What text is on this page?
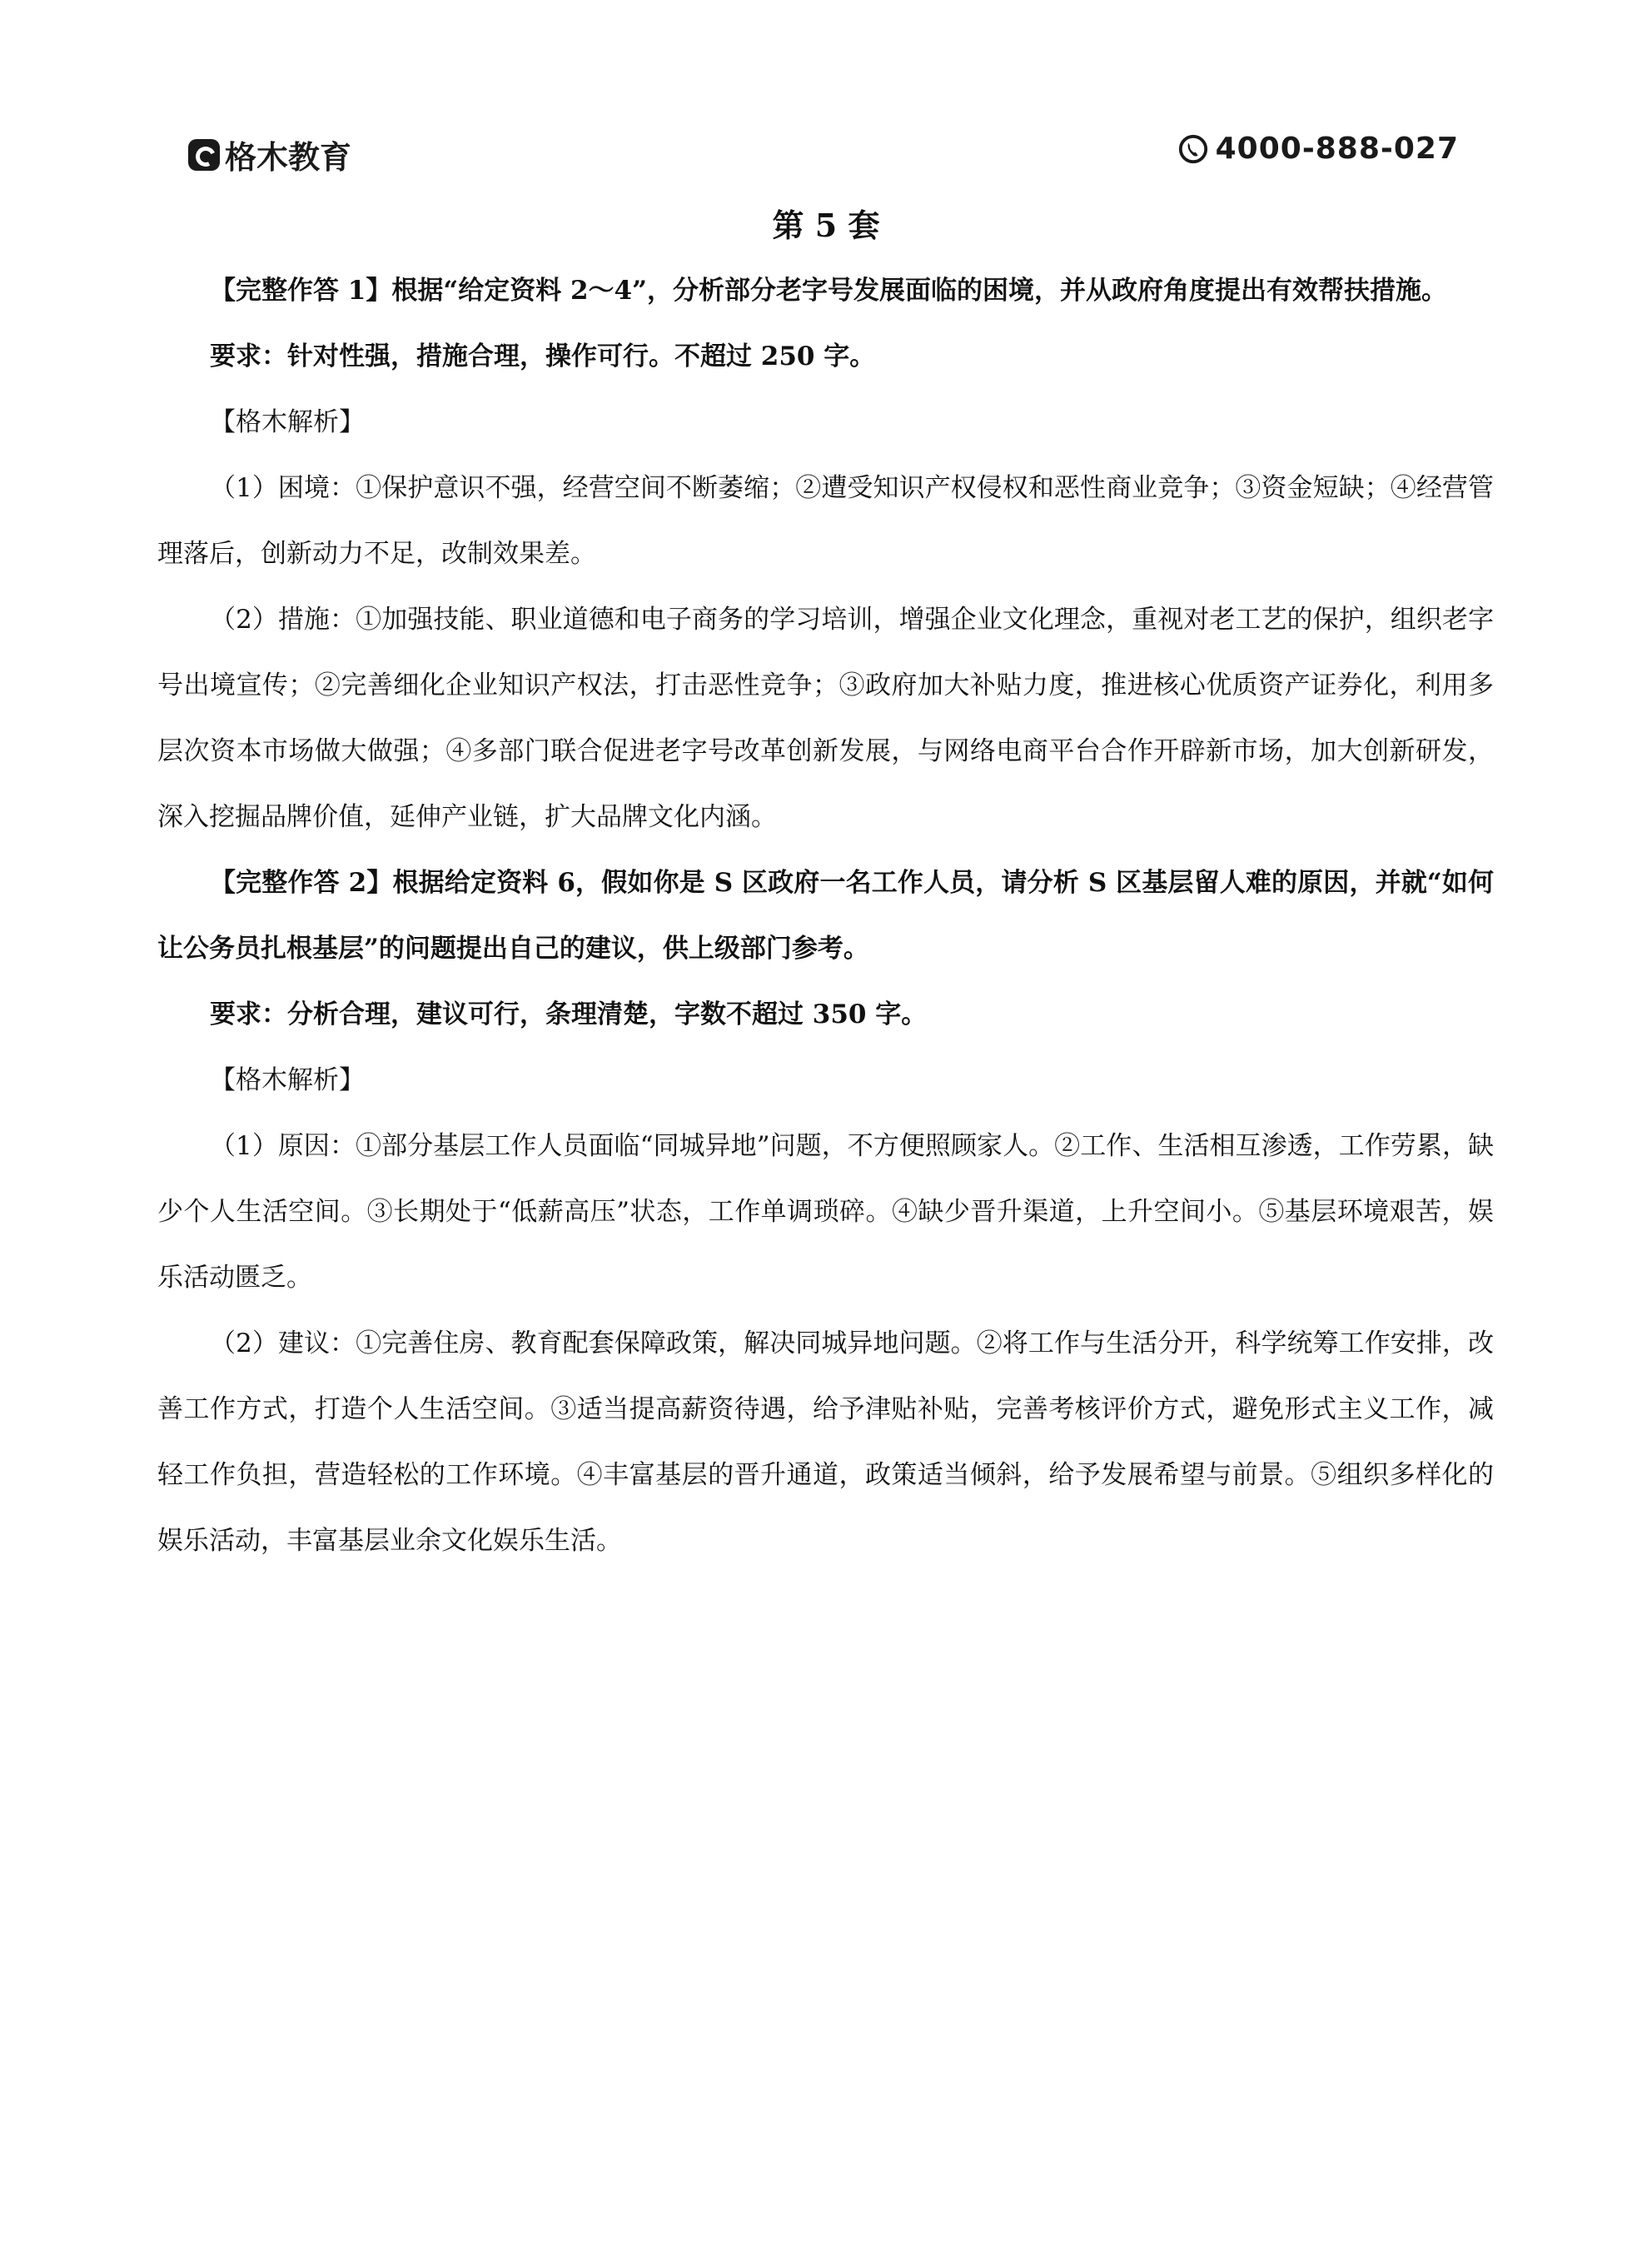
格木教育	4000-888-027
第 5 套

【完整作答 1】根据“给定资料 2～4”，分析部分老字号发展面临的困境，并从政府角度提出有效帮扶措施。

要求：针对性强，措施合理，操作可行。不超过 250 字。

【格木解析】

（1）困境：①保护意识不强，经营空间不断萎缩；②遭受知识产权侵权和恶性商业竞争；③资金短缺；④经营管理落后，创新动力不足，改制效果差。

（2）措施：①加强技能、职业道德和电子商务的学习培训，增强企业文化理念，重视对老工艺的保护，组织老字号出境宣传；②完善细化企业知识产权法，打击恶性竞争；③政府加大补贴力度，推进核心优质资产证券化，利用多层次资本市场做大做强；④多部门联合促进老字号改革创新发展，与网络电商平台合作开辟新市场，加大创新研发，深入挖掘品牌价值，延伸产业链，扩大品牌文化内涵。

【完整作答 2】根据给定资料 6，假如你是 S 区政府一名工作人员，请分析 S 区基层留人难的原因，并就“如何让公务员扎根基层”的问题提出自己的建议，供上级部门参考。

要求：分析合理，建议可行，条理清楚，字数不超过 350 字。

【格木解析】

（1）原因：①部分基层工作人员面临“同城异地”问题，不方便照顾家人。②工作、生活相互渗透，工作劳累，缺少个人生活空间。③长期处于“低薪高压”状态，工作单调琐碎。④缺少晋升渠道，上升空间小。⑤基层环境艰苦，娱乐活动匮乏。

（2）建议：①完善住房、教育配套保障政策，解决同城异地问题。②将工作与生活分开，科学统筹工作安排，改善工作方式，打造个人生活空间。③适当提高薪资待遇，给予津贴补贴，完善考核评价方式，避免形式主义工作，减轻工作负担，营造轻松的工作环境。④丰富基层的晋升通道，政策适当倾斜，给予发展希望与前景。⑤组织多样化的娱乐活动，丰富基层业余文化娱乐生活。
